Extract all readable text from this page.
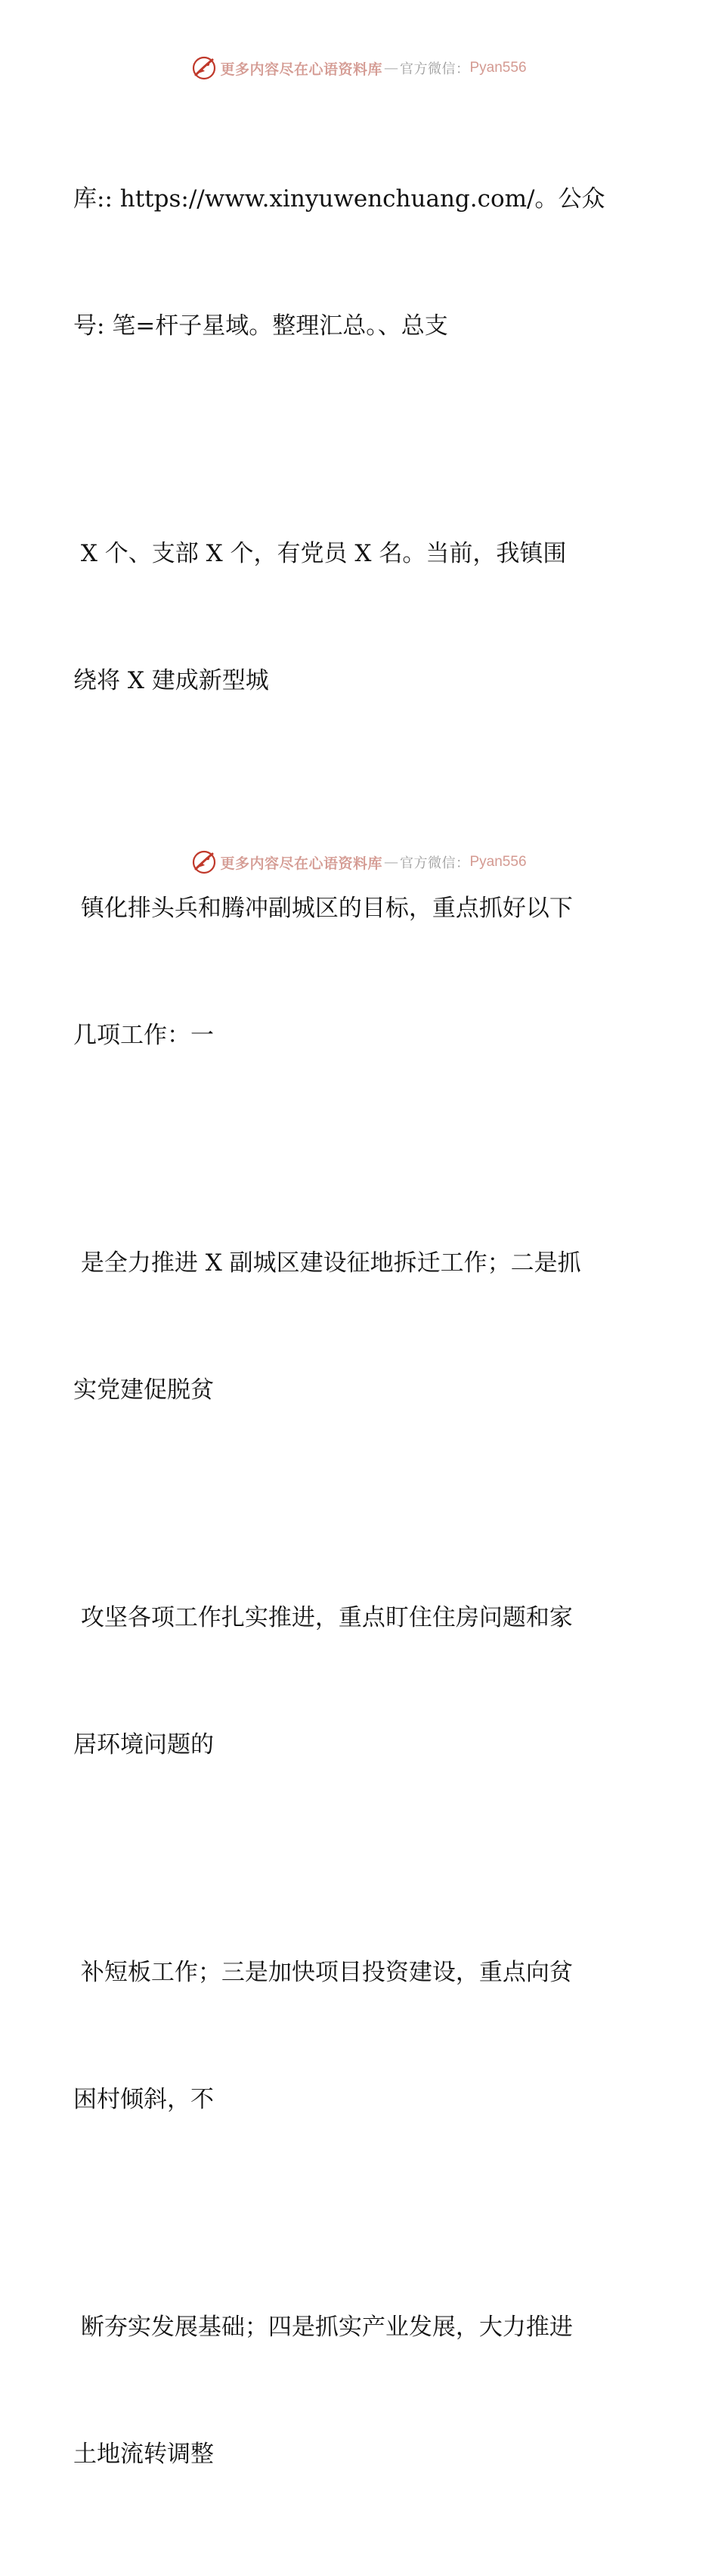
更多内容尽在心语资料库 — 官方微信： Pyan556

库:: https://www.xinyuwenchuang.com/。公众

号: 笔=杆子星域。整理汇总。、总支

X 个、支部 X 个，有党员 X 名。当前，我镇围

绕将 X 建成新型城

镇化排头兵和腾冲副城区的目标，重点抓好以下

几项工作：一

是全力推进 X 副城区建设征地拆迁工作；二是抓

实党建促脱贫

攻坚各项工作扎实推进，重点盯住住房问题和家

居环境问题的

补短板工作；三是加快项目投资建设，重点向贫

困村倾斜，不

断夯实发展基础；四是抓实产业发展，大力推进

土地流转调整

更多内容尽在心语资料库 — 官方微信： Pyan556
